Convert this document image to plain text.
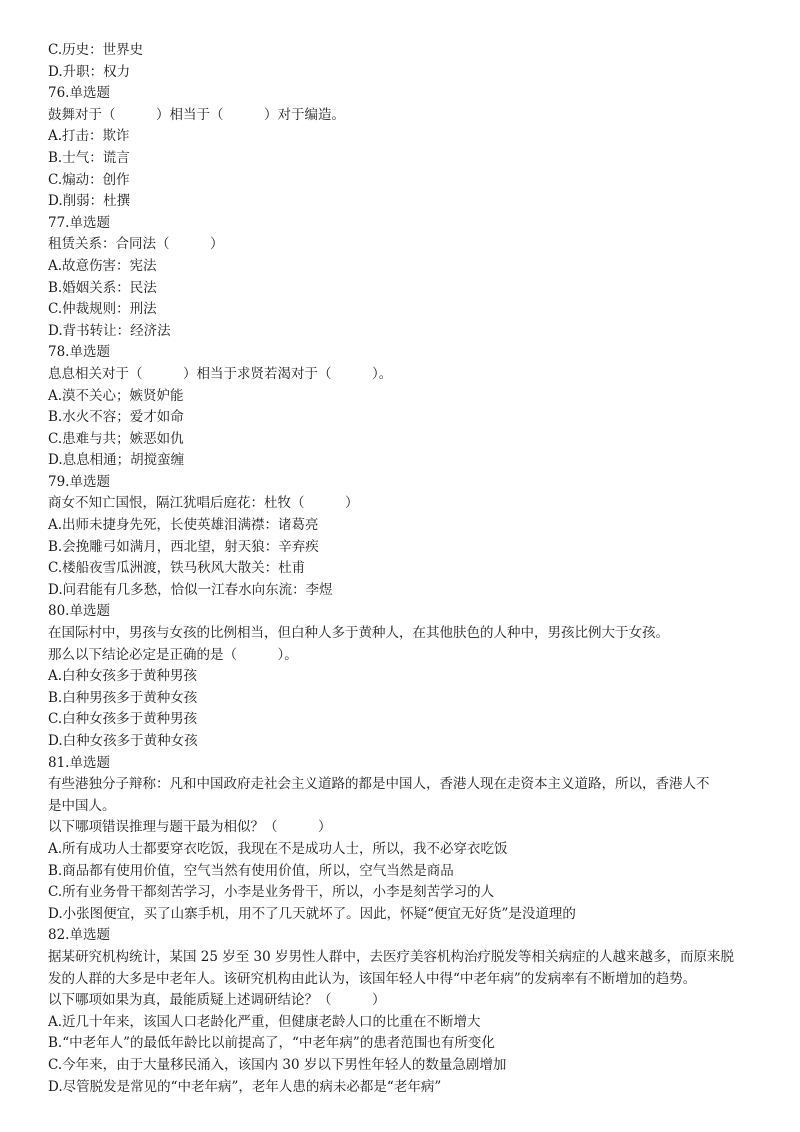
C.历史：世界史

D.升职：权力

76.单选题

鼓舞对于（　　　）相当于（　　　）对于编造。

A.打击：欺诈

B.士气：谎言

C.煽动：创作

D.削弱：杜撰

77.单选题

租赁关系：合同法（　　　）

A.故意伤害：宪法

B.婚姻关系：民法

C.仲裁规则：刑法

D.背书转让：经济法

78.单选题

息息相关对于（　　　）相当于求贤若渴对于（　　　）。

A.漠不关心；嫉贤妒能

B.水火不容；爱才如命

C.患难与共；嫉恶如仇

D.息息相通；胡搅蛮缠

79.单选题

商女不知亡国恨，隔江犹唱后庭花：杜牧（　　　）

A.出师未捷身先死，长使英雄泪满襟：诸葛亮

B.会挽雕弓如满月，西北望，射天狼：辛弃疾

C.楼船夜雪瓜洲渡，铁马秋风大散关：杜甫

D.问君能有几多愁，恰似一江春水向东流：李煜

80.单选题

在国际村中，男孩与女孩的比例相当，但白种人多于黄种人，在其他肤色的人种中，男孩比例大于女孩。

那么以下结论必定是正确的是（　　　）。

A.白种女孩多于黄种男孩

B.白种男孩多于黄种女孩

C.白种女孩多于黄种男孩

D.白种女孩多于黄种女孩

81.单选题

有些港独分子辩称：凡和中国政府走社会主义道路的都是中国人，香港人现在走资本主义道路，所以，香港人不

是中国人。

以下哪项错误推理与题干最为相似？（　　　）

A.所有成功人士都要穿衣吃饭，我现在不是成功人士，所以，我不必穿衣吃饭

B.商品都有使用价值，空气当然有使用价值，所以，空气当然是商品

C.所有业务骨干都刻苦学习，小李是业务骨干，所以，小李是刻苦学习的人

D.小张图便宜，买了山寨手机，用不了几天就坏了。因此，怀疑“便宜无好货”是没道理的

82.单选题

据某研究机构统计，某国 25 岁至 30 岁男性人群中，去医疗美容机构治疗脱发等相关病症的人越来越多，而原来脱

发的人群的大多是中老年人。该研究机构由此认为，该国年轻人中得“中老年病”的发病率有不断增加的趋势。

以下哪项如果为真，最能质疑上述调研结论？（　　　）

A.近几十年来，该国人口老龄化严重，但健康老龄人口的比重在不断增大

B.“中老年人”的最低年龄比以前提高了，“中老年病”的患者范围也有所变化

C.今年来，由于大量移民涌入，该国内 30 岁以下男性年轻人的数量急剧增加

D.尽管脱发是常见的“中老年病”，老年人患的病未必都是“老年病”
